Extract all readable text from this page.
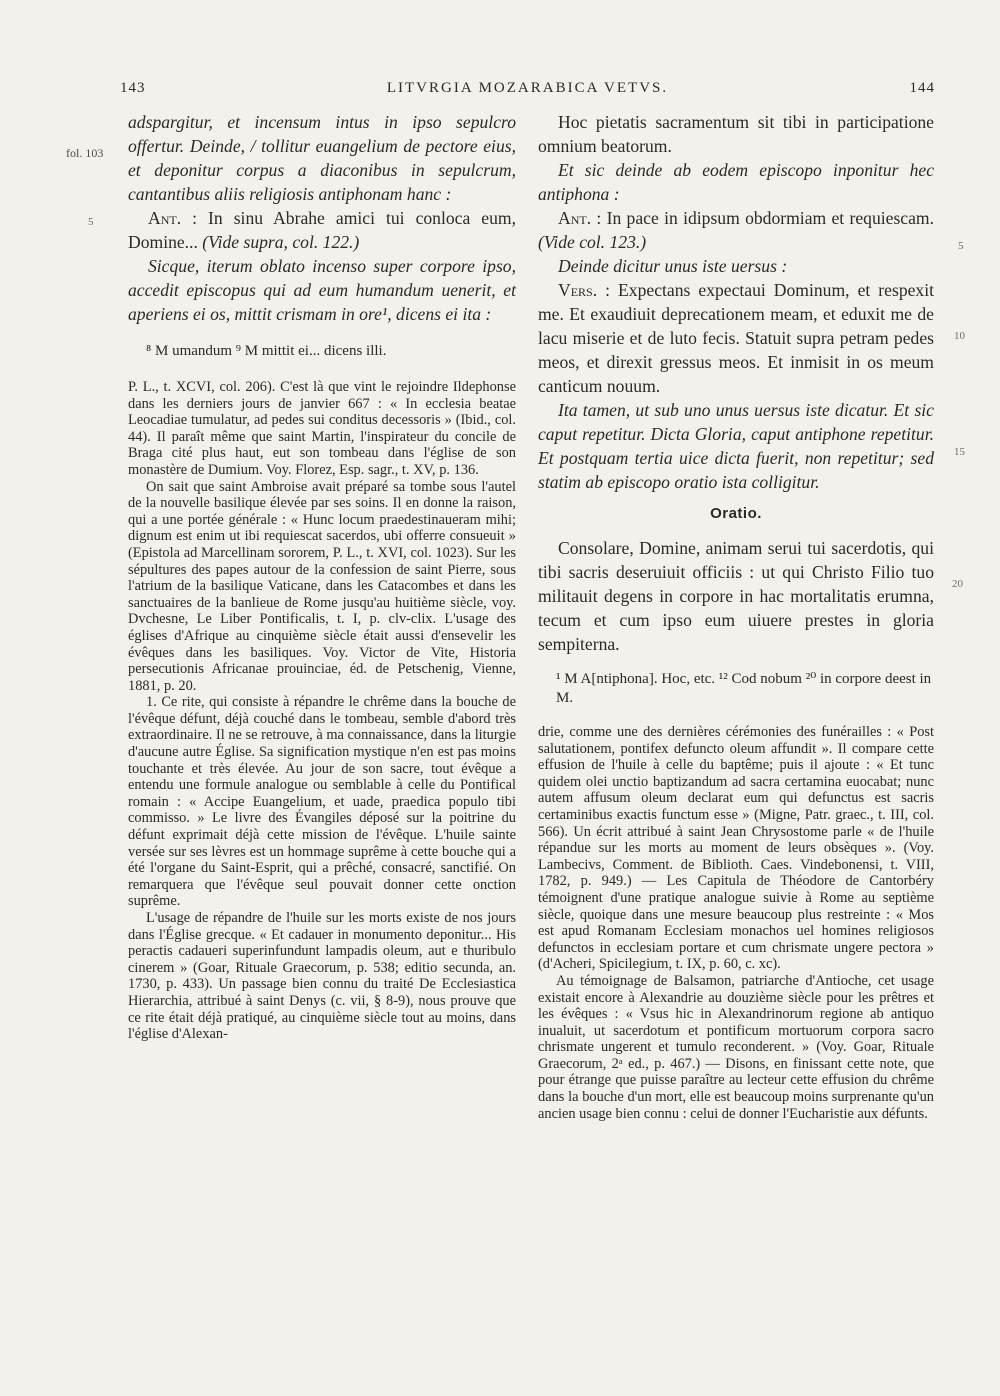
143	LITVRGIA MOZARABICA VETVS.	144
fol. 103
5
5
10
15
20

adspargitur, et incensum intus in ipso sepulcro offertur. Deinde, / tollitur euangelium de pectore eius, et deponitur corpus a diaconibus in sepulcrum, cantantibus aliis religiosis antiphonam hanc :

Ant. : In sinu Abrahe amici tui conloca eum, Domine... (Vide supra, col. 122.)

Sicque, iterum oblato incenso super corpore ipso, accedit episcopus qui ad eum humandum uenerit, et aperiens ei os, mittit crismam in ore¹, dicens ei ita :

⁸ M umandum ⁹ M mittit ei... dicens illi.

P. L., t. XCVI, col. 206). C'est là que vint le rejoindre Ildephonse dans les derniers jours de janvier 667 : « In ecclesia beatae Leocadiae tumulatur, ad pedes sui conditus decessoris » (Ibid., col. 44). Il paraît même que saint Martin, l'inspirateur du concile de Braga cité plus haut, eut son tombeau dans l'église de son monastère de Dumium. Voy. Florez, Esp. sagr., t. XV, p. 136.

On sait que saint Ambroise avait préparé sa tombe sous l'autel de la nouvelle basilique élevée par ses soins. Il en donne la raison, qui a une portée générale : « Hunc locum praedestinaueram mihi; dignum est enim ut ibi requiescat sacerdos, ubi offerre consueuit » (Epistola ad Marcellinam sororem, P. L., t. XVI, col. 1023). Sur les sépultures des papes autour de la confession de saint Pierre, sous l'atrium de la basilique Vaticane, dans les Catacombes et dans les sanctuaires de la banlieue de Rome jusqu'au huitième siècle, voy. Dvchesne, Le Liber Pontificalis, t. I, p. clv-clix. L'usage des églises d'Afrique au cinquième siècle était aussi d'ensevelir les évêques dans les basiliques. Voy. Victor de Vite, Historia persecutionis Africanae prouinciae, éd. de Petschenig, Vienne, 1881, p. 20.

1. Ce rite, qui consiste à répandre le chrême dans la bouche de l'évêque défunt, déjà couché dans le tombeau, semble d'abord très extraordinaire. Il ne se retrouve, à ma connaissance, dans la liturgie d'aucune autre Église. Sa signification mystique n'en est pas moins touchante et très élevée. Au jour de son sacre, tout évêque a entendu une formule analogue ou semblable à celle du Pontifical romain : « Accipe Euangelium, et uade, praedica populo tibi commisso. » Le livre des Évangiles déposé sur la poitrine du défunt exprimait déjà cette mission de l'évêque. L'huile sainte versée sur ses lèvres est un hommage suprême à cette bouche qui a été l'organe du Saint-Esprit, qui a prêché, consacré, sanctifié. On remarquera que l'évêque seul pouvait donner cette onction suprême.

L'usage de répandre de l'huile sur les morts existe de nos jours dans l'Église grecque. « Et cadauer in monumento deponitur... His peractis cadaueri superinfundunt lampadis oleum, aut e thuribulo cinerem » (Goar, Rituale Graecorum, p. 538; editio secunda, an. 1730, p. 433). Un passage bien connu du traité De Ecclesiastica Hierarchia, attribué à saint Denys (c. vii, § 8-9), nous prouve que ce rite était déjà pratiqué, au cinquième siècle tout au moins, dans l'église d'Alexan-

Hoc pietatis sacramentum sit tibi in participatione omnium beatorum.

Et sic deinde ab eodem episcopo inponitur hec antiphona :

Ant. : In pace in idipsum obdormiam et requiescam. (Vide col. 123.)

Deinde dicitur unus iste uersus :

Vers. : Expectans expectaui Dominum, et respexit me. Et exaudiuit deprecationem meam, et eduxit me de lacu miserie et de luto fecis. Statuit supra petram pedes meos, et direxit gressus meos. Et inmisit in os meum canticum nouum.

Ita tamen, ut sub uno unus uersus iste dicatur. Et sic caput repetitur. Dicta Gloria, caput antiphone repetitur. Et postquam tertia uice dicta fuerit, non repetitur; sed statim ab episcopo oratio ista colligitur.

Oratio.

Consolare, Domine, animam serui tui sacerdotis, qui tibi sacris deseruiuit officiis : ut qui Christo Filio tuo militauit degens in corpore in hac mortalitatis erumna, tecum et cum ipso eum uiuere prestes in gloria sempiterna.

¹ M A[ntiphona]. Hoc, etc. ¹² Cod nobum ²⁰ in corpore deest in M.

drie, comme une des dernières cérémonies des funérailles : « Post salutationem, pontifex defuncto oleum affundit ». Il compare cette effusion de l'huile à celle du baptême; puis il ajoute : « Et tunc quidem olei unctio baptizandum ad sacra certamina euocabat; nunc autem affusum oleum declarat eum qui defunctus est sacris certaminibus exactis functum esse » (Migne, Patr. graec., t. III, col. 566). Un écrit attribué à saint Jean Chrysostome parle « de l'huile répandue sur les morts au moment de leurs obsèques ». (Voy. Lambecivs, Comment. de Biblioth. Caes. Vindebonensi, t. VIII, 1782, p. 949.) — Les Capitula de Théodore de Cantorbéry témoignent d'une pratique analogue suivie à Rome au septième siècle, quoique dans une mesure beaucoup plus restreinte : « Mos est apud Romanam Ecclesiam monachos uel homines religiosos defunctos in ecclesiam portare et cum chrismate ungere pectora » (d'Acheri, Spicilegium, t. IX, p. 60, c. xc).

Au témoignage de Balsamon, patriarche d'Antioche, cet usage existait encore à Alexandrie au douzième siècle pour les prêtres et les évêques : « Vsus hic in Alexandrinorum regione ab antiquo inualuit, ut sacerdotum et pontificum mortuorum corpora sacro chrismate ungerent et tumulo reconderent. » (Voy. Goar, Rituale Graecorum, 2ᵃ ed., p. 467.) — Disons, en finissant cette note, que pour étrange que puisse paraître au lecteur cette effusion du chrême dans la bouche d'un mort, elle est beaucoup moins surprenante qu'un ancien usage bien connu : celui de donner l'Eucharistie aux défunts.
